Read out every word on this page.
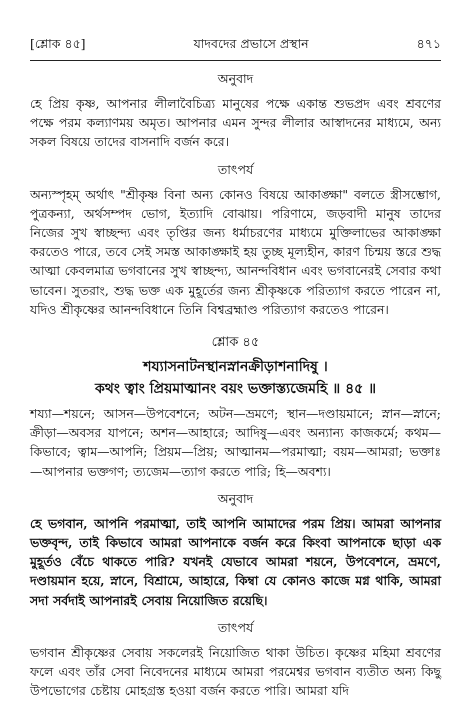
[শ্লোক ৪৫]	যাদবদের প্রভাসে প্রস্থান	৪৭১
অনুবাদ

হে প্রিয় কৃষ্ণ, আপনার লীলাবৈচিত্র্য মানুষের পক্ষে একান্ত শুভপ্রদ এবং শ্রবণের পক্ষে পরম কল্যাণময় অমৃত। আপনার এমন সুন্দর লীলার আস্বাদনের মাধ্যমে, অন্য সকল বিষয়ে তাদের বাসনাদি বর্জন করে।

তাৎপর্য

অন্যস্পৃহম্ অর্থাৎ "শ্রীকৃষ্ণ বিনা অন্য কোনও বিষয়ে আকাঙ্ক্ষা" বলতে স্ত্রীসম্ভোগ, পুত্রকন্যা, অর্থসম্পদ ভোগ, ইত্যাদি বোঝায়। পরিণামে, জড়বাদী মানুষ তাদের নিজের সুখ স্বাচ্ছন্দ্য এবং তৃপ্তির জন্য ধর্মাচরণের মাধ্যমে মুক্তিলাভের আকাঙ্ক্ষা করতেও পারে, তবে সেই সমস্ত আকাঙ্ক্ষাই হয় তুচ্ছ মূল্যহীন, কারণ চিন্ময় স্তরে শুদ্ধ আত্মা কেবলমাত্র ভগবানের সুখ স্বাচ্ছন্দ্য, আনন্দবিধান এবং ভগবানেরই সেবার কথা ভাবেন। সুতরাং, শুদ্ধ ভক্ত এক মুহূর্তের জন্য শ্রীকৃষ্ণকে পরিত্যাগ করতে পারেন না, যদিও শ্রীকৃষ্ণের আনন্দবিধানে তিনি বিশ্বব্রহ্মাণ্ড পরিত্যাগ করতেও পারেন।

শ্লোক ৪৫

শয্যাসনাটনস্থানস্নানক্রীড়াশনাদিষু ।

কথং ত্বাং প্রিয়মাত্মানং বয়ং ভক্তাস্ত্যজেমহি ॥ ৪৫ ॥

শয্যা—শয়নে; আসন—উপবেশনে; অটন—ভ্রমণে; স্থান—দণ্ডায়মানে; স্নান—স্নানে; ক্রীড়া—অবসর যাপনে; অশন—আহারে; আদিষু—এবং অন্যান্য কাজকর্মে; কথম—কিভাবে; ত্বাম—আপনি; প্রিয়ম—প্রিয়; আত্মানম—পরমাত্মা; বয়ম—আমরা; ভক্তাঃ—আপনার ভক্তগণ; ত্যজেম—ত্যাগ করতে পারি; হি—অবশ্য।

অনুবাদ

হে ভগবান, আপনি পরমাত্মা, তাই আপনি আমাদের পরম প্রিয়। আমরা আপনার ভক্তবৃন্দ, তাই কিভাবে আমরা আপনাকে বর্জন করে কিংবা আপনাকে ছাড়া এক মুহূর্তও বেঁচে থাকতে পারি? যখনই যেভাবে আমরা শয়নে, উপবেশনে, ভ্রমণে, দণ্ডায়মান হয়ে, স্নানে, বিশ্রামে, আহারে, কিম্বা যে কোনও কাজে মগ্ন থাকি, আমরা সদা সর্বদাই আপনারই সেবায় নিয়োজিত রয়েছি।

তাৎপর্য

ভগবান শ্রীকৃষ্ণের সেবায় সকলেরই নিয়োজিত থাকা উচিত। কৃষ্ণের মহিমা শ্রবণের ফলে এবং তাঁর সেবা নিবেদনের মাধ্যমে আমরা পরমেশ্বর ভগবান ব্যতীত অন্য কিছু উপভোগের চেষ্টায় মোহগ্রস্ত হওয়া বর্জন করতে পারি। আমরা যদি
